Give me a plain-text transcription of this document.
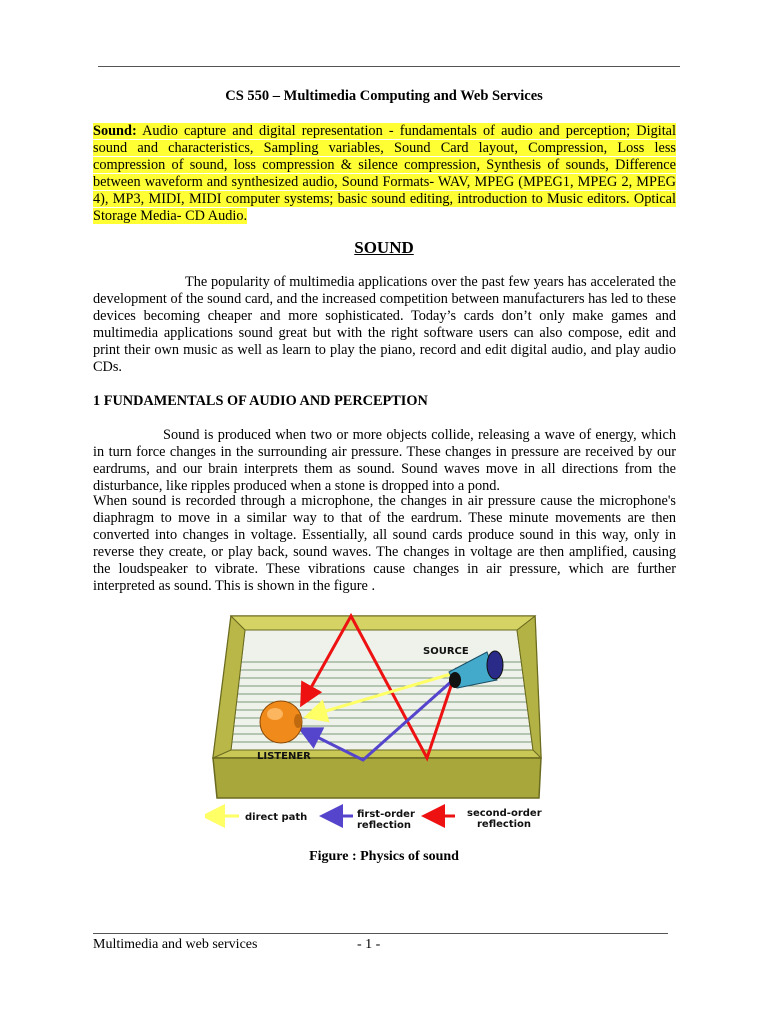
CS 550 – Multimedia Computing and Web Services
Sound: Audio capture and digital representation - fundamentals of audio and perception; Digital sound and characteristics, Sampling variables, Sound Card layout, Compression, Loss less compression of sound, loss compression & silence compression, Synthesis of sounds, Difference between waveform and synthesized audio, Sound Formats- WAV, MPEG (MPEG1, MPEG 2, MPEG 4), MP3, MIDI, MIDI computer systems; basic sound editing, introduction to Music editors. Optical Storage Media- CD Audio.
SOUND
The popularity of multimedia applications over the past few years has accelerated the development of the sound card, and the increased competition between manufacturers has led to these devices becoming cheaper and more sophisticated. Today’s cards don’t only make games and multimedia applications sound great but with the right software users can also compose, edit and print their own music as well as learn to play the piano, record and edit digital audio, and play audio CDs.
1 FUNDAMENTALS OF AUDIO AND PERCEPTION
Sound is produced when two or more objects collide, releasing a wave of energy, which in turn force changes in the surrounding air pressure. These changes in pressure are received by our eardrums, and our brain interprets them as sound. Sound waves move in all directions from the disturbance, like ripples produced when a stone is dropped into a pond.
When sound is recorded through a microphone, the changes in air pressure cause the microphone's diaphragm to move in a similar way to that of the eardrum. These minute movements are then converted into changes in voltage. Essentially, all sound cards produce sound in this way, only in reverse they create, or play back, sound waves. The changes in voltage are then amplified, causing the loudspeaker to vibrate. These vibrations cause changes in air pressure, which are further interpreted as sound. This is shown in the figure .
SOURCE
LISTENER
direct path	first-order
reflection
second-order
reflection
Figure : Physics of sound
Multimedia and web services	- 1 -
